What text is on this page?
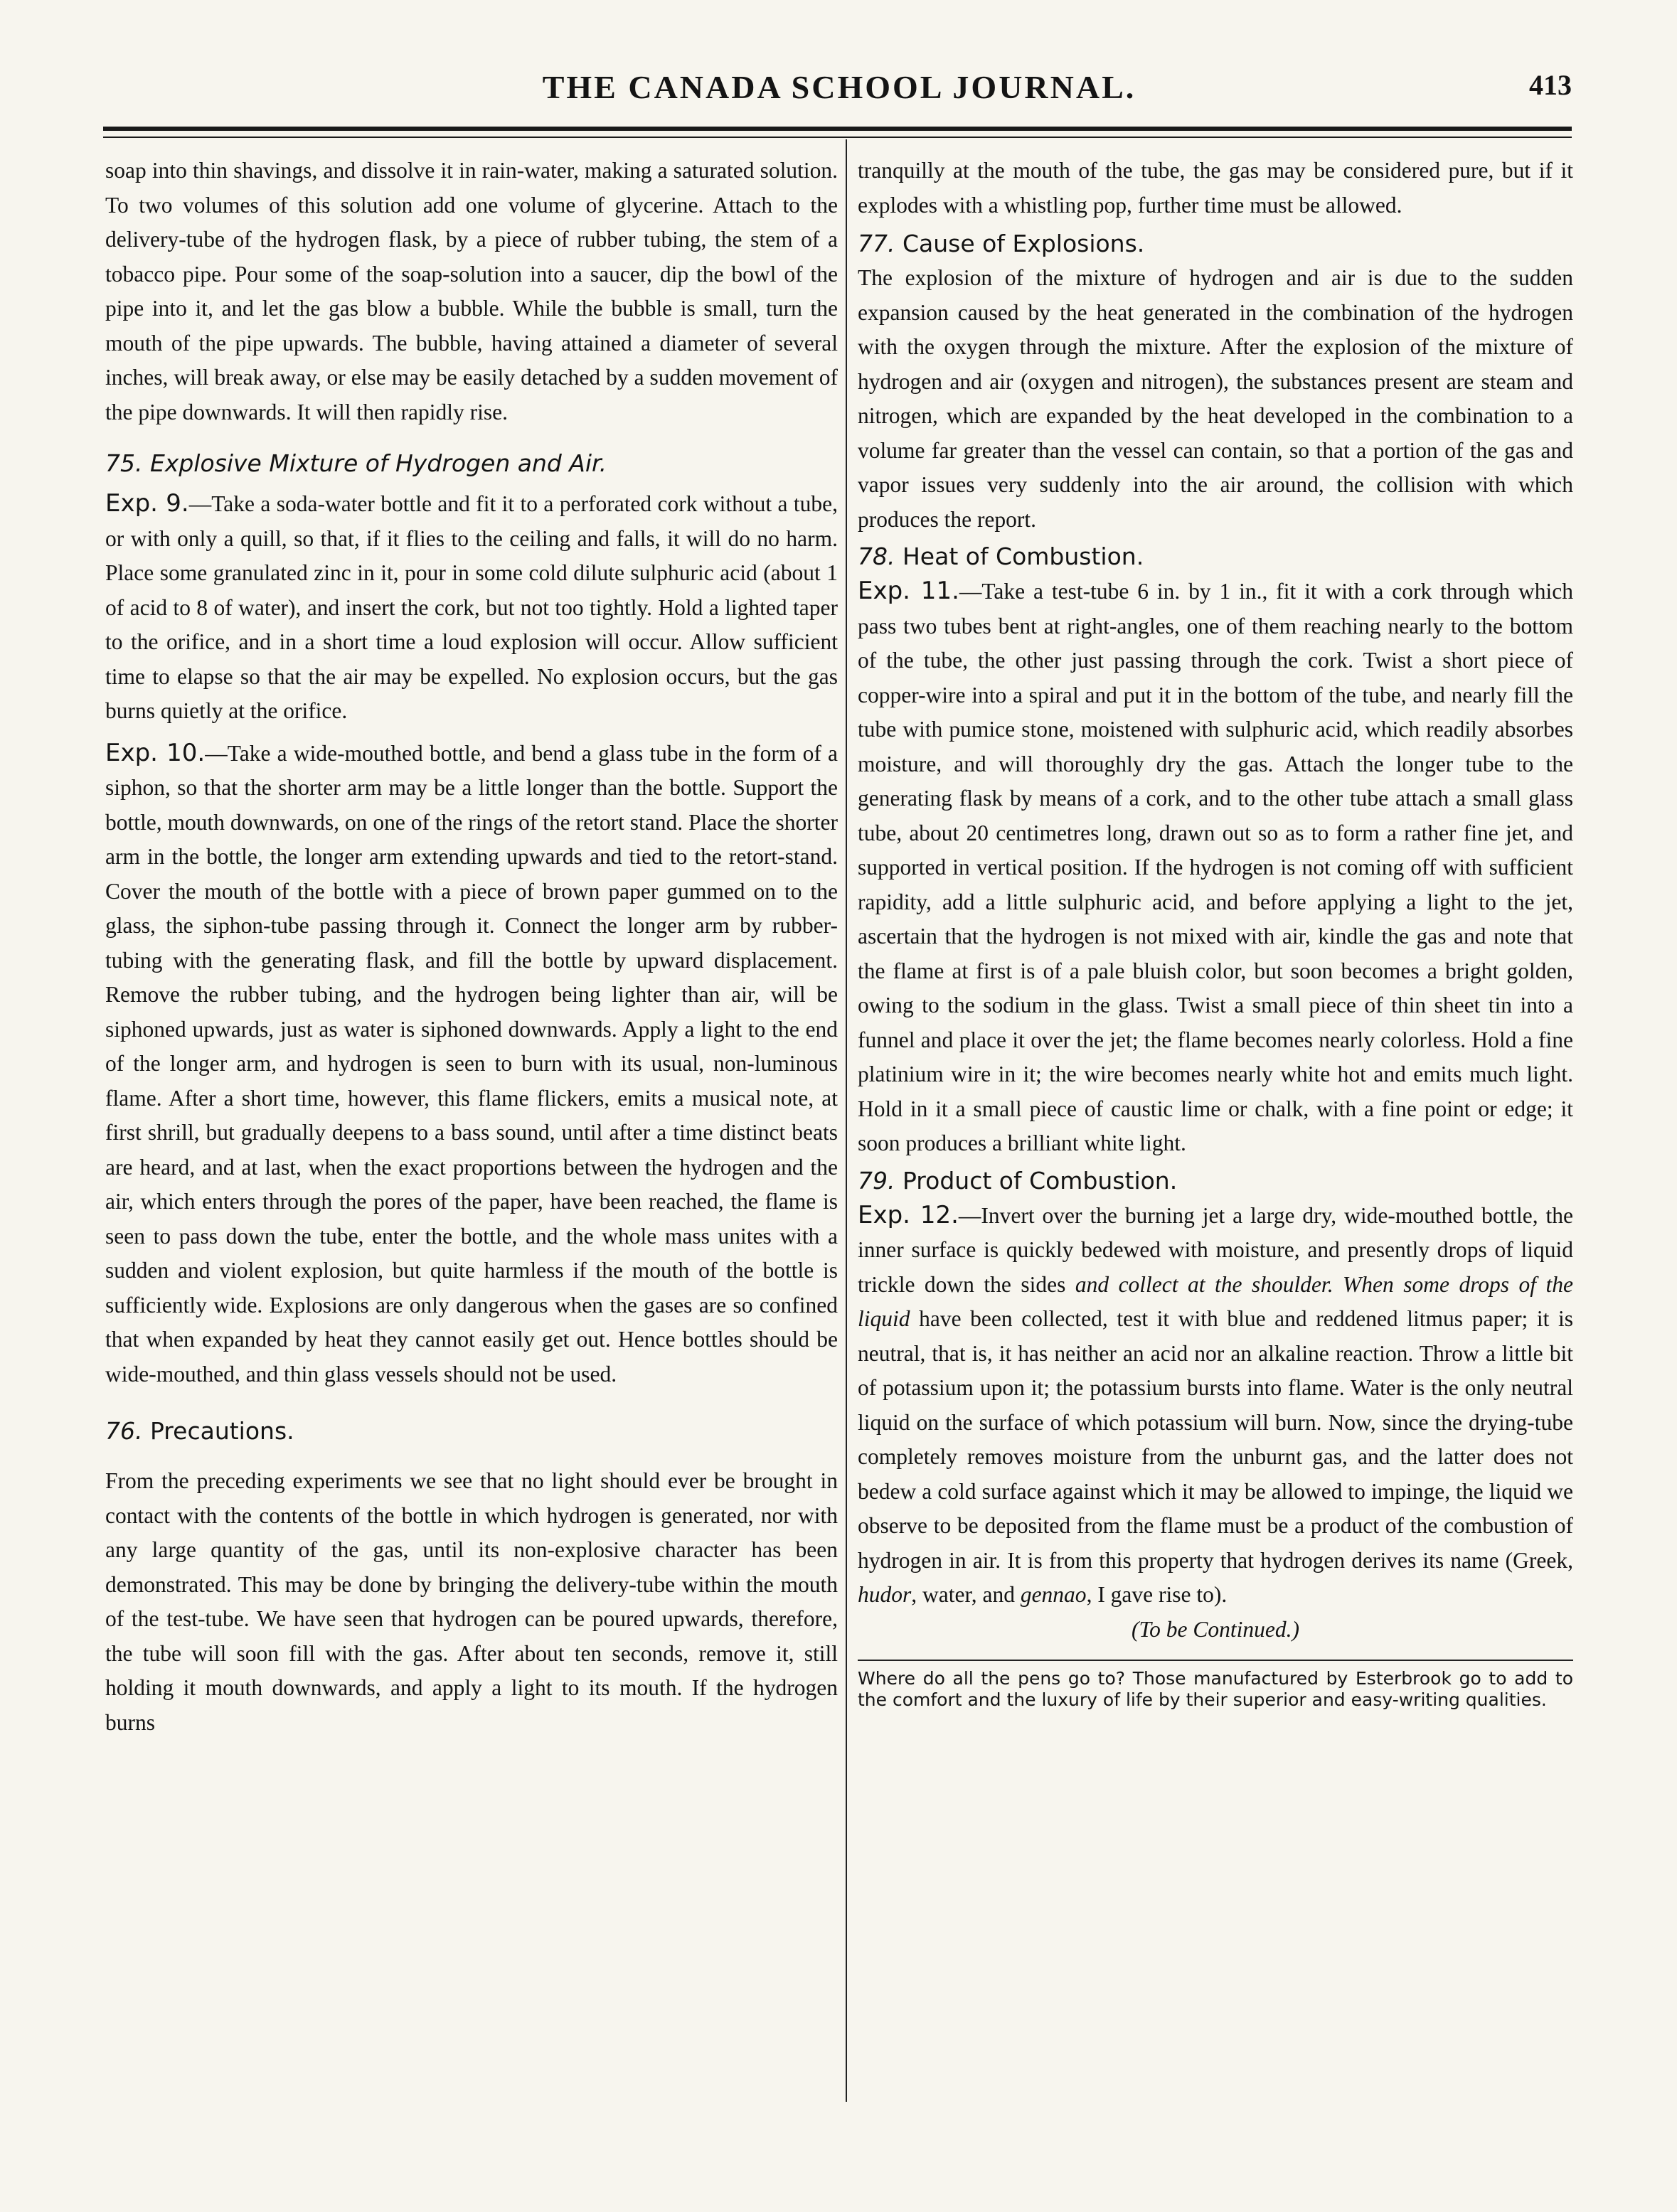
THE CANADA SCHOOL JOURNAL.	413

soap into thin shavings, and dissolve it in rain-water, making a saturated solution. To two volumes of this solution add one volume of glycerine. Attach to the delivery-tube of the hydrogen flask, by a piece of rubber tubing, the stem of a tobacco pipe. Pour some of the soap-solution into a saucer, dip the bowl of the pipe into it, and let the gas blow a bubble. While the bubble is small, turn the mouth of the pipe upwards. The bubble, having attained a diameter of several inches, will break away, or else may be easily detached by a sudden movement of the pipe downwards. It will then rapidly rise.

75. Explosive Mixture of Hydrogen and Air.

Exp. 9.—Take a soda-water bottle and fit it to a perforated cork without a tube, or with only a quill, so that, if it flies to the ceiling and falls, it will do no harm. Place some granulated zinc in it, pour in some cold dilute sulphuric acid (about 1 of acid to 8 of water), and insert the cork, but not too tightly. Hold a lighted taper to the orifice, and in a short time a loud explosion will occur. Allow sufficient time to elapse so that the air may be expelled. No explosion occurs, but the gas burns quietly at the orifice.

Exp. 10.—Take a wide-mouthed bottle, and bend a glass tube in the form of a siphon, so that the shorter arm may be a little longer than the bottle. Support the bottle, mouth downwards, on one of the rings of the retort stand. Place the shorter arm in the bottle, the longer arm extending upwards and tied to the retort-stand. Cover the mouth of the bottle with a piece of brown paper gummed on to the glass, the siphon-tube passing through it. Connect the longer arm by rubber-tubing with the generating flask, and fill the bottle by upward displacement. Remove the rubber tubing, and the hydrogen being lighter than air, will be siphoned upwards, just as water is siphoned downwards. Apply a light to the end of the longer arm, and hydrogen is seen to burn with its usual, non-luminous flame. After a short time, however, this flame flickers, emits a musical note, at first shrill, but gradually deepens to a bass sound, until after a time distinct beats are heard, and at last, when the exact proportions between the hydrogen and the air, which enters through the pores of the paper, have been reached, the flame is seen to pass down the tube, enter the bottle, and the whole mass unites with a sudden and violent explosion, but quite harmless if the mouth of the bottle is sufficiently wide. Explosions are only dangerous when the gases are so confined that when expanded by heat they cannot easily get out. Hence bottles should be wide-mouthed, and thin glass vessels should not be used.

76. Precautions.

From the preceding experiments we see that no light should ever be brought in contact with the contents of the bottle in which hydrogen is generated, nor with any large quantity of the gas, until its non-explosive character has been demonstrated. This may be done by bringing the delivery-tube within the mouth of the test-tube. We have seen that hydrogen can be poured upwards, therefore, the tube will soon fill with the gas. After about ten seconds, remove it, still holding it mouth downwards, and apply a light to its mouth. If the hydrogen burns

tranquilly at the mouth of the tube, the gas may be considered pure, but if it explodes with a whistling pop, further time must be allowed.

77. Cause of Explosions.

The explosion of the mixture of hydrogen and air is due to the sudden expansion caused by the heat generated in the combination of the hydrogen with the oxygen through the mixture. After the explosion of the mixture of hydrogen and air (oxygen and nitrogen), the substances present are steam and nitrogen, which are expanded by the heat developed in the combination to a volume far greater than the vessel can contain, so that a portion of the gas and vapor issues very suddenly into the air around, the collision with which produces the report.

78. Heat of Combustion.

Exp. 11.—Take a test-tube 6 in. by 1 in., fit it with a cork through which pass two tubes bent at right-angles, one of them reaching nearly to the bottom of the tube, the other just passing through the cork. Twist a short piece of copper-wire into a spiral and put it in the bottom of the tube, and nearly fill the tube with pumice stone, moistened with sulphuric acid, which readily absorbes moisture, and will thoroughly dry the gas. Attach the longer tube to the generating flask by means of a cork, and to the other tube attach a small glass tube, about 20 centimetres long, drawn out so as to form a rather fine jet, and supported in vertical position. If the hydrogen is not coming off with sufficient rapidity, add a little sulphuric acid, and before applying a light to the jet, ascertain that the hydrogen is not mixed with air, kindle the gas and note that the flame at first is of a pale bluish color, but soon becomes a bright golden, owing to the sodium in the glass. Twist a small piece of thin sheet tin into a funnel and place it over the jet; the flame becomes nearly colorless. Hold a fine platinium wire in it; the wire becomes nearly white hot and emits much light. Hold in it a small piece of caustic lime or chalk, with a fine point or edge; it soon produces a brilliant white light.

79. Product of Combustion.

Exp. 12.—Invert over the burning jet a large dry, wide-mouthed bottle, the inner surface is quickly bedewed with moisture, and presently drops of liquid trickle down the sides and collect at the shoulder. When some drops of the liquid have been collected, test it with blue and reddened litmus paper; it is neutral, that is, it has neither an acid nor an alkaline reaction. Throw a little bit of potassium upon it; the potassium bursts into flame. Water is the only neutral liquid on the surface of which potassium will burn. Now, since the drying-tube completely removes moisture from the unburnt gas, and the latter does not bedew a cold surface against which it may be allowed to impinge, the liquid we observe to be deposited from the flame must be a product of the combustion of hydrogen in air. It is from this property that hydrogen derives its name (Greek, hudor, water, and gennao, I gave rise to).

(To be Continued.)

Where do all the pens go to? Those manufactured by Esterbrook go to add to the comfort and the luxury of life by their superior and easy-writing qualities.
